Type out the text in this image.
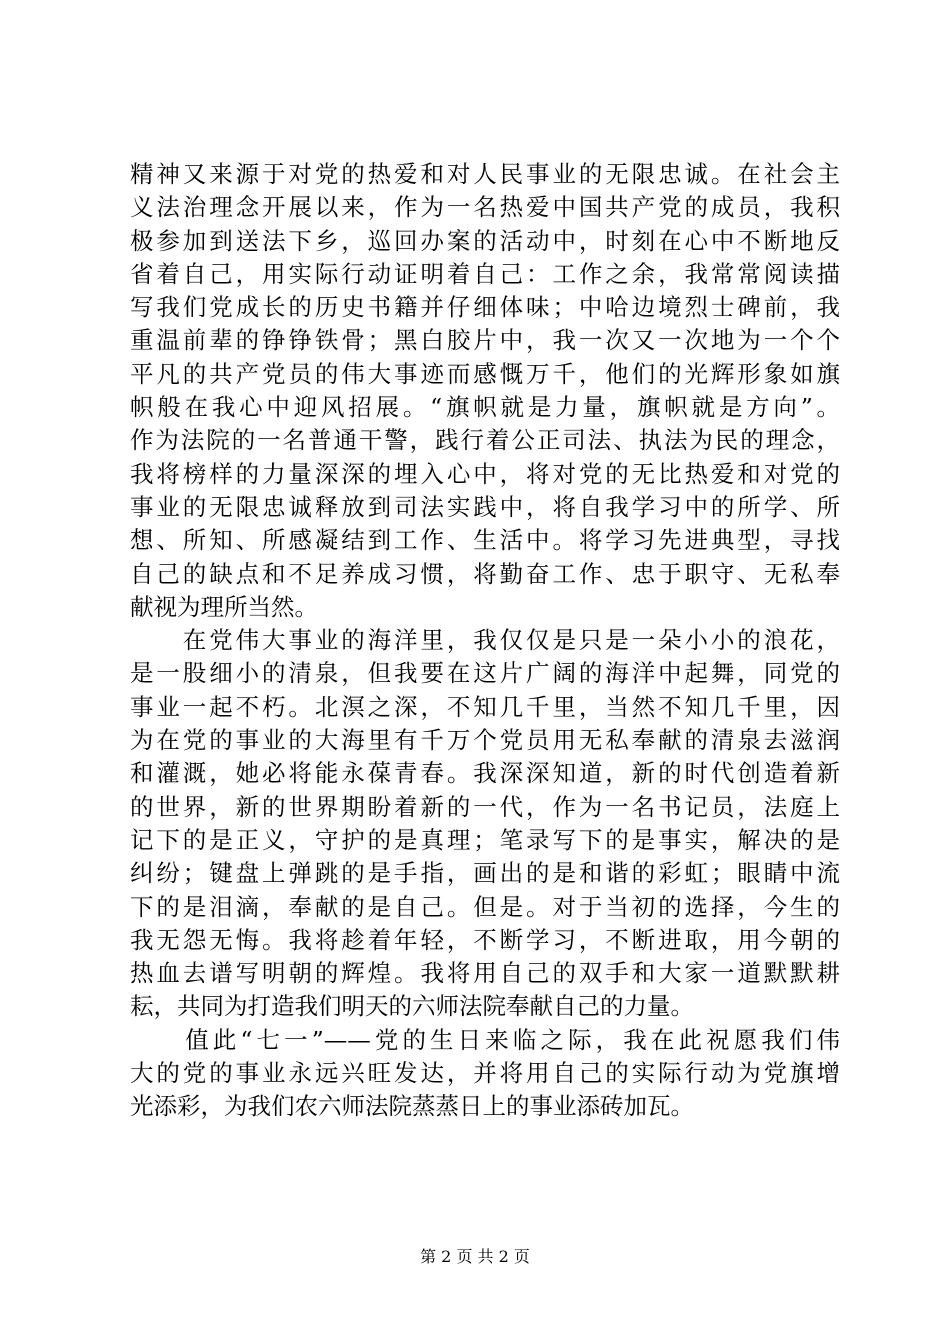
精神又来源于对党的热爱和对人民事业的无限忠诚。在社会主
义法治理念开展以来，作为一名热爱中国共产党的成员，我积
极参加到送法下乡，巡回办案的活动中，时刻在心中不断地反
省着自己，用实际行动证明着自己：工作之余，我常常阅读描
写我们党成长的历史书籍并仔细体味；中哈边境烈士碑前，我
重温前辈的铮铮铁骨；黑白胶片中，我一次又一次地为一个个
平凡的共产党员的伟大事迹而感慨万千，他们的光辉形象如旗
帜般在我心中迎风招展。“旗帜就是力量，旗帜就是方向”。
作为法院的一名普通干警，践行着公正司法、执法为民的理念，
我将榜样的力量深深的埋入心中，将对党的无比热爱和对党的
事业的无限忠诚释放到司法实践中，将自我学习中的所学、所
想、所知、所感凝结到工作、生活中。将学习先进典型，寻找
自己的缺点和不足养成习惯，将勤奋工作、忠于职守、无私奉
献视为理所当然。
　　在党伟大事业的海洋里，我仅仅是只是一朵小小的浪花，
是一股细小的清泉，但我要在这片广阔的海洋中起舞，同党的
事业一起不朽。北溟之深，不知几千里，当然不知几千里，因
为在党的事业的大海里有千万个党员用无私奉献的清泉去滋润
和灌溉，她必将能永葆青春。我深深知道，新的时代创造着新
的世界，新的世界期盼着新的一代，作为一名书记员，法庭上
记下的是正义，守护的是真理；笔录写下的是事实，解决的是
纠纷；键盘上弹跳的是手指，画出的是和谐的彩虹；眼睛中流
下的是泪滴，奉献的是自己。但是。对于当初的选择，今生的
我无怨无悔。我将趁着年轻，不断学习，不断进取，用今朝的
热血去谱写明朝的辉煌。我将用自己的双手和大家一道默默耕
耘，共同为打造我们明天的六师法院奉献自己的力量。
　　值此“七一”——党的生日来临之际，我在此祝愿我们伟
大的党的事业永远兴旺发达，并将用自己的实际行动为党旗增
光添彩，为我们农六师法院蒸蒸日上的事业添砖加瓦。
第 2 页 共 2 页
